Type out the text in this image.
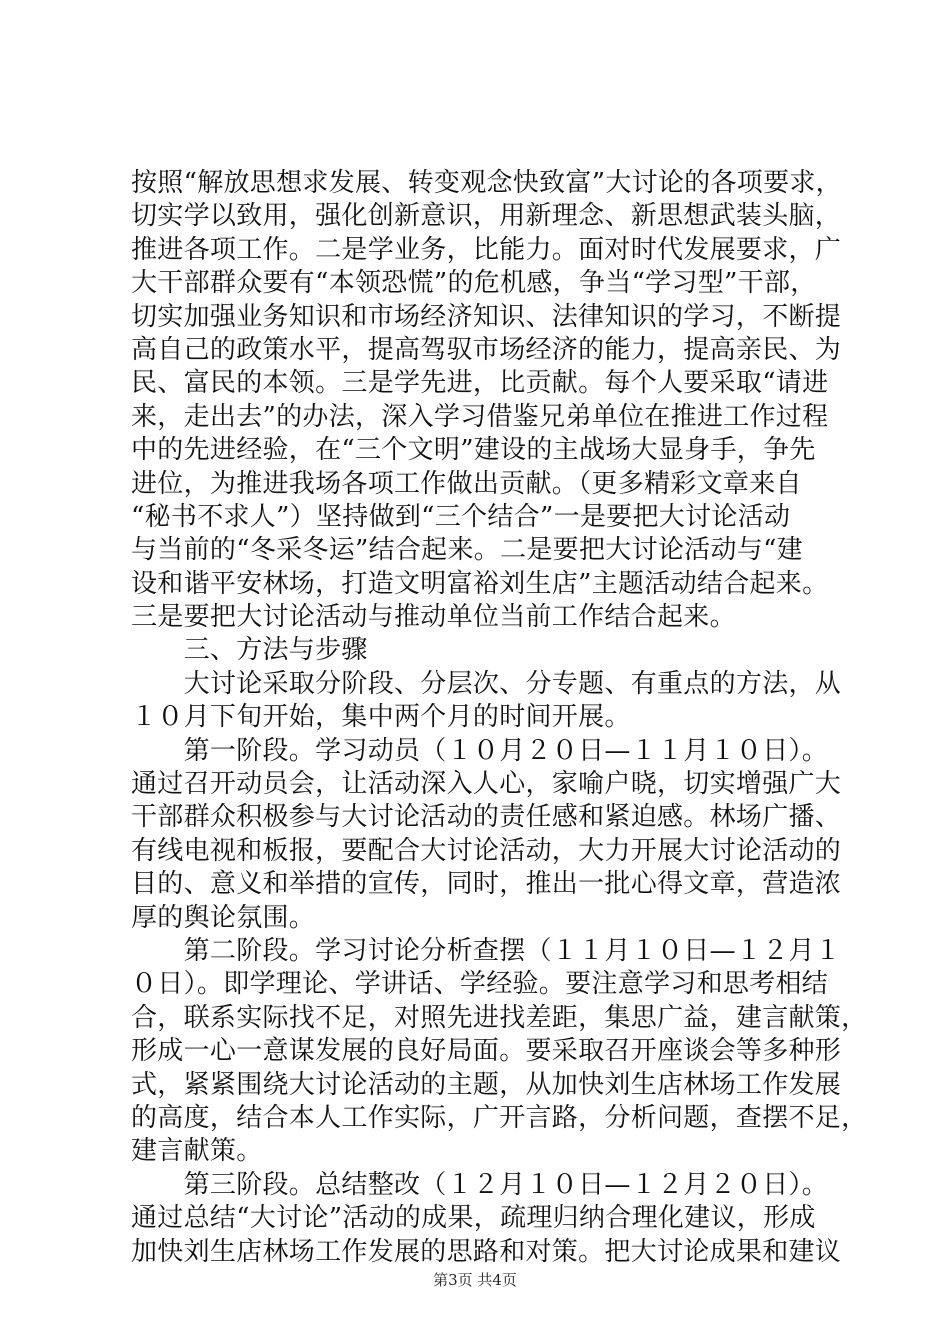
按照“解放思想求发展、转变观念快致富”大讨论的各项要求，
切实学以致用，强化创新意识，用新理念、新思想武装头脑，
推进各项工作。二是学业务，比能力。面对时代发展要求，广
大干部群众要有“本领恐慌”的危机感，争当“学习型”干部，
切实加强业务知识和市场经济知识、法律知识的学习，不断提
高自己的政策水平，提高驾驭市场经济的能力，提高亲民、为
民、富民的本领。三是学先进，比贡献。每个人要采取“请进
来，走出去”的办法，深入学习借鉴兄弟单位在推进工作过程
中的先进经验，在“三个文明”建设的主战场大显身手，争先
进位，为推进我场各项工作做出贡献。（更多精彩文章来自
“秘书不求人”）坚持做到“三个结合”一是要把大讨论活动
与当前的“冬采冬运”结合起来。二是要把大讨论活动与“建
设和谐平安林场，打造文明富裕刘生店”主题活动结合起来。
三是要把大讨论活动与推动单位当前工作结合起来。
　　三、方法与步骤
　　大讨论采取分阶段、分层次、分专题、有重点的方法，从
１０月下旬开始，集中两个月的时间开展。
　　第一阶段。学习动员（１０月２０日—１１月１０日）。
通过召开动员会，让活动深入人心，家喻户晓，切实增强广大
干部群众积极参与大讨论活动的责任感和紧迫感。林场广播、
有线电视和板报，要配合大讨论活动，大力开展大讨论活动的
目的、意义和举措的宣传，同时，推出一批心得文章，营造浓
厚的舆论氛围。
　　第二阶段。学习讨论分析查摆（１１月１０日—１２月１
０日）。即学理论、学讲话、学经验。要注意学习和思考相结
合，联系实际找不足，对照先进找差距，集思广益，建言献策，
形成一心一意谋发展的良好局面。要采取召开座谈会等多种形
式，紧紧围绕大讨论活动的主题，从加快刘生店林场工作发展
的高度，结合本人工作实际，广开言路，分析问题，查摆不足，
建言献策。
　　第三阶段。总结整改（１２月１０日—１２月２０日）。
通过总结“大讨论”活动的成果，疏理归纳合理化建议，形成
加快刘生店林场工作发展的思路和对策。把大讨论成果和建议
第3页 共4页
